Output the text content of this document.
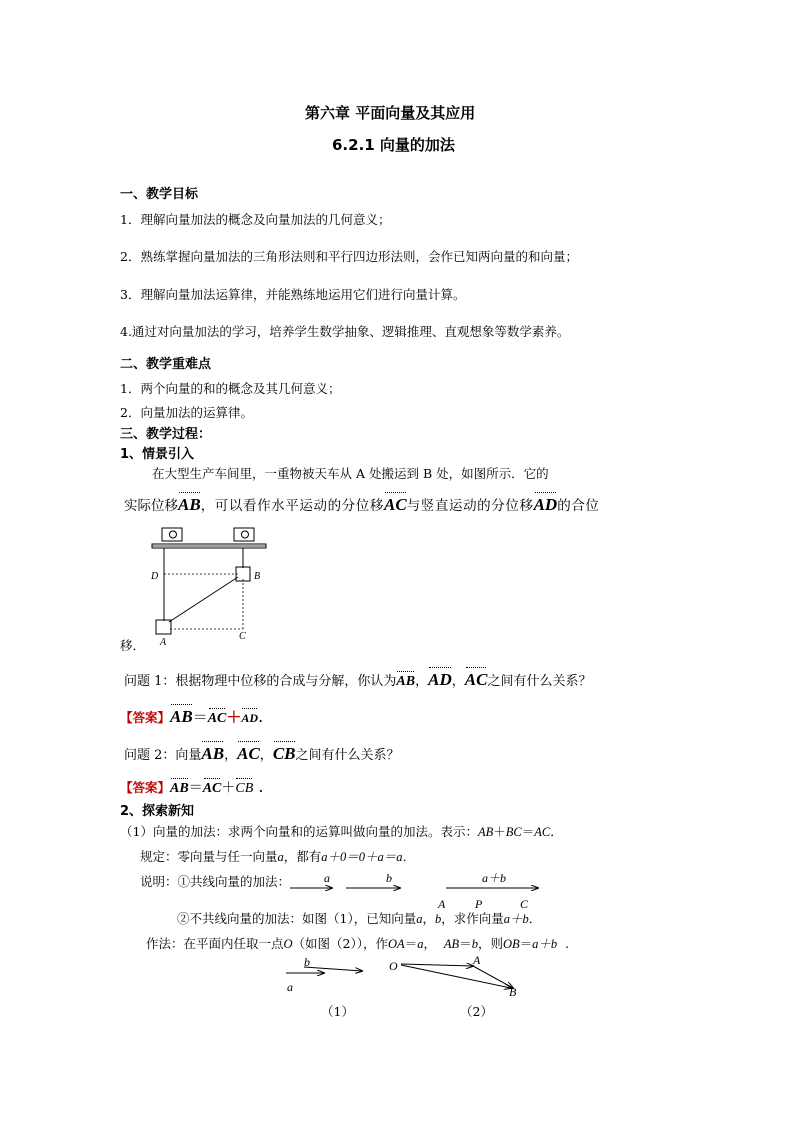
第六章 平面向量及其应用
6.2.1 向量的加法
一、教学目标
1．理解向量加法的概念及向量加法的几何意义；
2．熟练掌握向量加法的三角形法则和平行四边形法则，会作已知两向量的和向量；
3．理解向量加法运算律，并能熟练地运用它们进行向量计算。
4.通过对向量加法的学习，培养学生数学抽象、逻辑推理、直观想象等数学素养。
二、教学重难点
1．两个向量的和的概念及其几何意义；
2．向量加法的运算律。
三、教学过程：
1、情景引入
在大型生产车间里，一重物被天车从 A 处搬运到 B 处，如图所示．它的
实际位移AB，可以看作水平运动的分位移AC与竖直运动的分位移AD的合位
D	B
A
C
移．
问题 1：根据物理中位移的合成与分解，你认为AB，AD，AC之间有什么关系？
【答案】AB＝AC＋AD.
问题 2：向量AB，AC，CB之间有什么关系？
【答案】AB＝AC＋CB .
2、探索新知
（1）向量的加法：求两个向量和的运算叫做向量的加法。表示：AB＋BC＝AC．
规定：零向量与任一向量a，都有a＋0＝0＋a＝a．
说明：①共线向量的加法：	a	b	a＋b
A P	C
②不共线向量的加法：如图（1），已知向量a，b，求作向量a＋b．
作法：在平面内任取一点O（如图（2）），作OA＝a，  AB＝b，则OB＝a＋b  .
b
a
（1）
O	A
B
（2）
